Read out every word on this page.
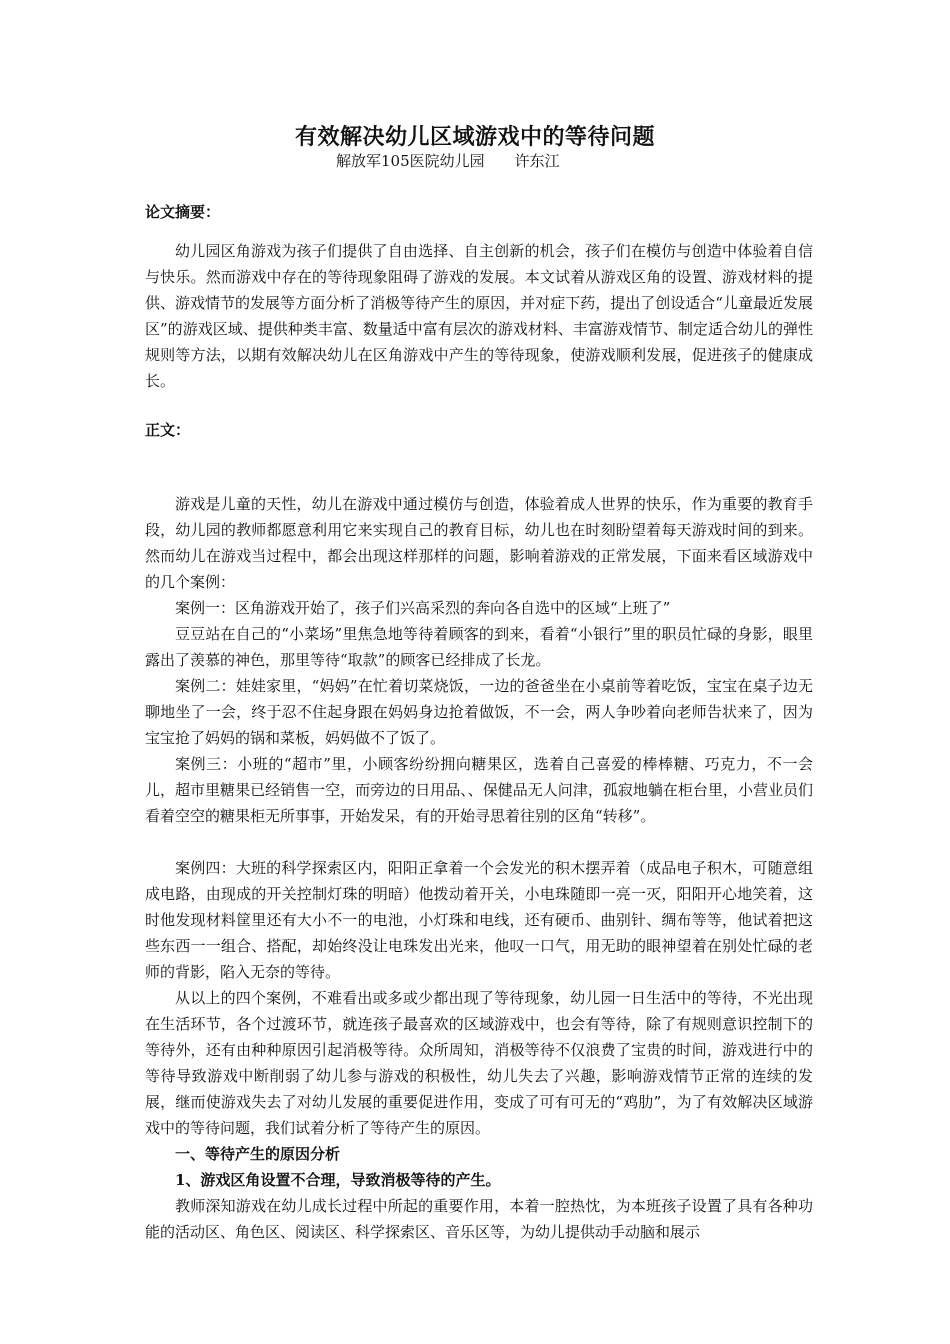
有效解决幼儿区域游戏中的等待问题
解放军105医院幼儿园　　许东江
论文摘要：
幼儿园区角游戏为孩子们提供了自由选择、自主创新的机会，孩子们在模仿与创造中体验着自信与快乐。然而游戏中存在的等待现象阻碍了游戏的发展。本文试着从游戏区角的设置、游戏材料的提供、游戏情节的发展等方面分析了消极等待产生的原因，并对症下药，提出了创设适合“儿童最近发展区”的游戏区域、提供种类丰富、数量适中富有层次的游戏材料、丰富游戏情节、制定适合幼儿的弹性规则等方法，以期有效解决幼儿在区角游戏中产生的等待现象，使游戏顺利发展，促进孩子的健康成长。
正文：
游戏是儿童的天性，幼儿在游戏中通过模仿与创造，体验着成人世界的快乐，作为重要的教育手段，幼儿园的教师都愿意利用它来实现自己的教育目标，幼儿也在时刻盼望着每天游戏时间的到来。然而幼儿在游戏当过程中，都会出现这样那样的问题，影响着游戏的正常发展，下面来看区域游戏中的几个案例：
案例一：区角游戏开始了，孩子们兴高采烈的奔向各自选中的区域“上班了”
豆豆站在自己的“小菜场”里焦急地等待着顾客的到来，看着“小银行”里的职员忙碌的身影，眼里露出了羡慕的神色，那里等待“取款”的顾客已经排成了长龙。
案例二：娃娃家里，“妈妈”在忙着切菜烧饭，一边的爸爸坐在小桌前等着吃饭，宝宝在桌子边无聊地坐了一会，终于忍不住起身跟在妈妈身边抢着做饭，不一会，两人争吵着向老师告状来了，因为宝宝抢了妈妈的锅和菜板，妈妈做不了饭了。
案例三：小班的“超市”里，小顾客纷纷拥向糖果区，选着自己喜爱的棒棒糖、巧克力，不一会儿，超市里糖果已经销售一空，而旁边的日用品、、保健品无人问津，孤寂地躺在柜台里，小营业员们看着空空的糖果柜无所事事，开始发呆，有的开始寻思着往别的区角“转移”。
案例四：大班的科学探索区内，阳阳正拿着一个会发光的积木摆弄着（成品电子积木，可随意组成电路，由现成的开关控制灯珠的明暗）他拨动着开关，小电珠随即一亮一灭，阳阳开心地笑着，这时他发现材料筐里还有大小不一的电池，小灯珠和电线，还有硬币、曲别针、绸布等等，他试着把这些东西一一组合、搭配，却始终没让电珠发出光来，他叹一口气，用无助的眼神望着在别处忙碌的老师的背影，陷入无奈的等待。
从以上的四个案例，不难看出或多或少都出现了等待现象，幼儿园一日生活中的等待，不光出现在生活环节，各个过渡环节，就连孩子最喜欢的区域游戏中，也会有等待，除了有规则意识控制下的等待外，还有由种种原因引起消极等待。众所周知，消极等待不仅浪费了宝贵的时间，游戏进行中的等待导致游戏中断削弱了幼儿参与游戏的积极性，幼儿失去了兴趣，影响游戏情节正常的连续的发展，继而使游戏失去了对幼儿发展的重要促进作用，变成了可有可无的“鸡肋”，为了有效解决区域游戏中的等待问题，我们试着分析了等待产生的原因。
一、等待产生的原因分析
1、游戏区角设置不合理，导致消极等待的产生。
教师深知游戏在幼儿成长过程中所起的重要作用，本着一腔热忱，为本班孩子设置了具有各种功能的活动区、角色区、阅读区、科学探索区、音乐区等，为幼儿提供动手动脑和展示
